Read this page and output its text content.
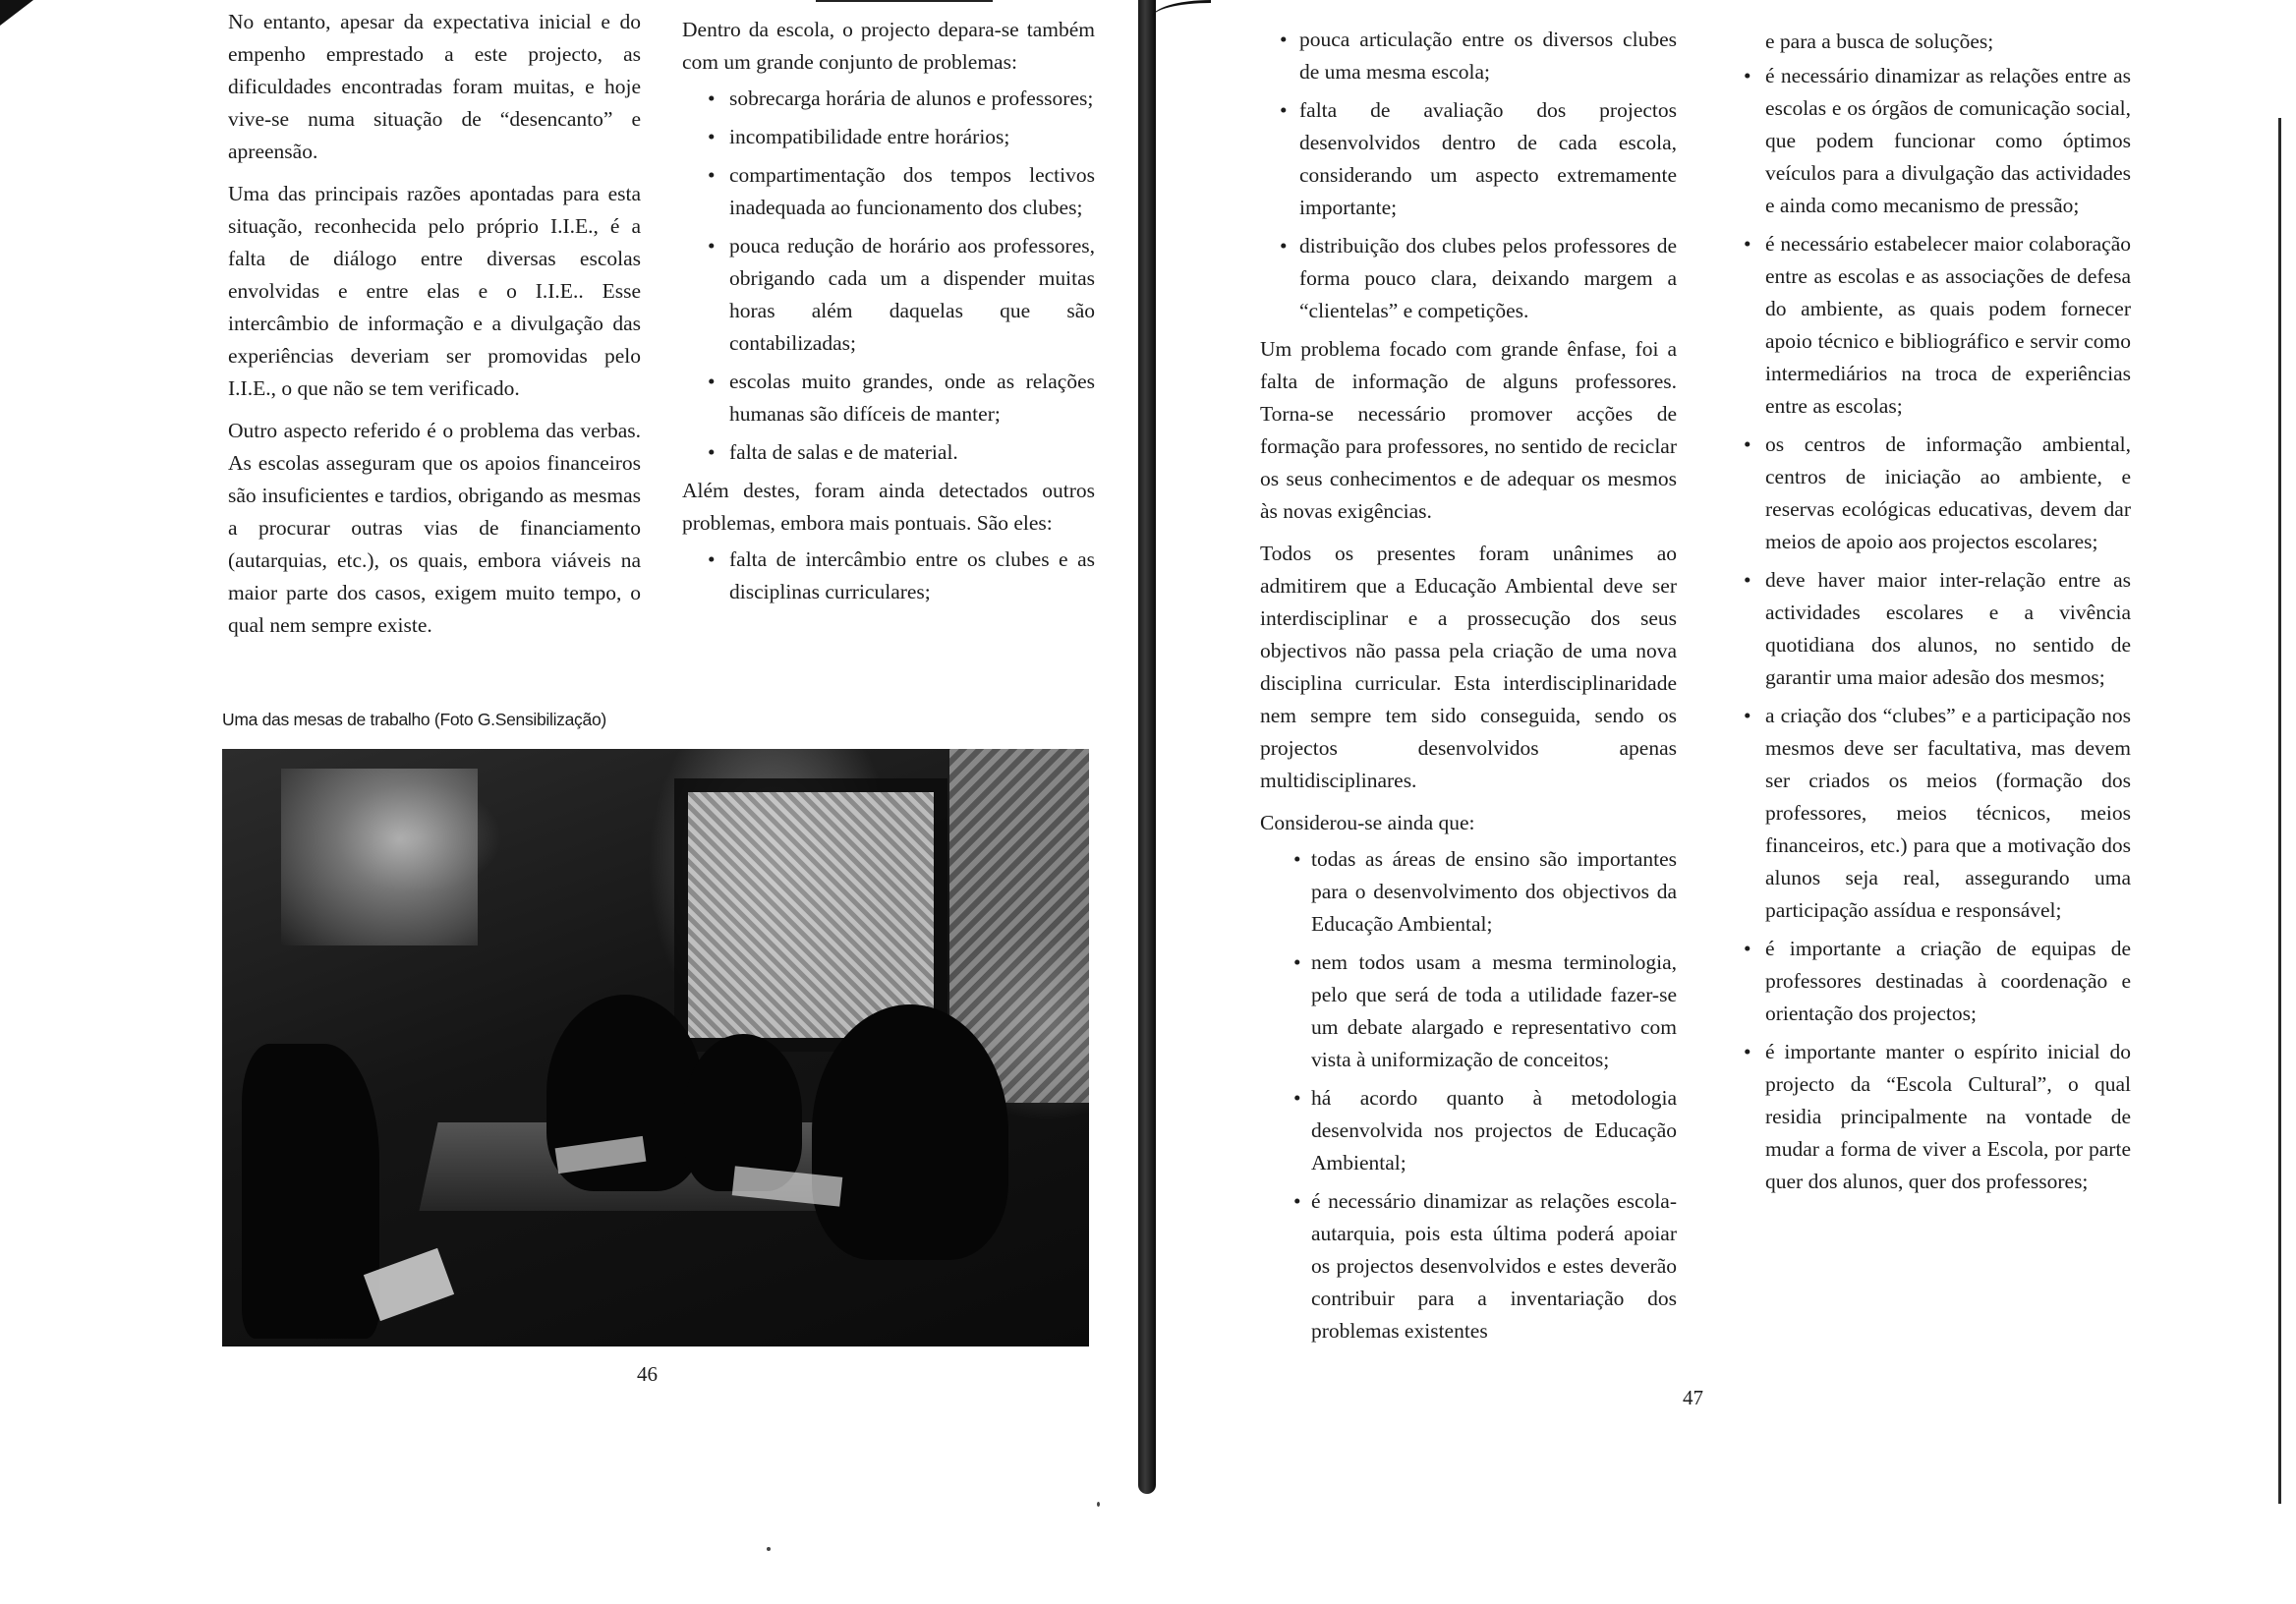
No entanto, apesar da expectativa inicial e do empenho emprestado a este projecto, as dificuldades encontradas foram muitas, e hoje vive-se numa situação de “desencanto” e apreensão.

Uma das principais razões apontadas para esta situação, reconhecida pelo próprio I.I.E., é a falta de diálogo entre diversas escolas envolvidas e entre elas e o I.I.E.. Esse intercâmbio de informação e a divulgação das experiências deveriam ser promovidas pelo I.I.E., o que não se tem verificado.

Outro aspecto referido é o problema das verbas. As escolas asseguram que os apoios financeiros são insuficientes e tardios, obrigando as mesmas a procurar outras vias de financiamento (autarquias, etc.), os quais, embora viáveis na maior parte dos casos, exigem muito tempo, o qual nem sempre existe.

Dentro da escola, o projecto depara-se também com um grande conjunto de problemas:

• sobrecarga horária de alunos e professores;
• incompatibilidade entre horários;
• compartimentação dos tempos lectivos inadequada ao funcionamento dos clubes;
• pouca redução de horário aos professores, obrigando cada um a dispender muitas horas além daquelas que são contabilizadas;
• escolas muito grandes, onde as relações humanas são difíceis de manter;
• falta de salas e de material.

Além destes, foram ainda detectados outros problemas, embora mais pontuais. São eles:

• falta de intercâmbio entre os clubes e as disciplinas curriculares;
Uma das mesas de trabalho (Foto G.Sensibilização)
46
• pouca articulação entre os diversos clubes de uma mesma escola;
• falta de avaliação dos projectos desenvolvidos dentro de cada escola, considerando um aspecto extremamente importante;
• distribuição dos clubes pelos professores de forma pouco clara, deixando margem a “clientelas” e competições.

Um problema focado com grande ênfase, foi a falta de informação de alguns professores. Torna-se necessário promover acções de formação para professores, no sentido de reciclar os seus conhecimentos e de adequar os mesmos às novas exigências.

Todos os presentes foram unânimes ao admitirem que a Educação Ambiental deve ser interdisciplinar e a prossecução dos seus objectivos não passa pela criação de uma nova disciplina curricular. Esta interdisciplinaridade nem sempre tem sido conseguida, sendo os projectos desenvolvidos apenas multidisciplinares.

Considerou-se ainda que:

• todas as áreas de ensino são importantes para o desenvolvimento dos objectivos da Educação Ambiental;
• nem todos usam a mesma terminologia, pelo que será de toda a utilidade fazer-se um debate alargado e representativo com vista à uniformização de conceitos;
• há acordo quanto à metodologia desenvolvida nos projectos de Educação Ambiental;
• é necessário dinamizar as relações escola-autarquia, pois esta última poderá apoiar os projectos desenvolvidos e estes deverão contribuir para a inventariação dos problemas existentes

e para a busca de soluções;

• é necessário dinamizar as relações entre as escolas e os órgãos de comunicação social, que podem funcionar como óptimos veículos para a divulgação das actividades e ainda como mecanismo de pressão;
• é necessário estabelecer maior colaboração entre as escolas e as associações de defesa do ambiente, as quais podem fornecer apoio técnico e bibliográfico e servir como intermediários na troca de experiências entre as escolas;
• os centros de informação ambiental, centros de iniciação ao ambiente, e reservas ecológicas educativas, devem dar meios de apoio aos projectos escolares;
• deve haver maior inter-relação entre as actividades escolares e a vivência quotidiana dos alunos, no sentido de garantir uma maior adesão dos mesmos;
• a criação dos “clubes” e a participação nos mesmos deve ser facultativa, mas devem ser criados os meios (formação dos professores, meios técnicos, meios financeiros, etc.) para que a motivação dos alunos seja real, assegurando uma participação assídua e responsável;
• é importante a criação de equipas de professores destinadas à coordenação e orientação dos projectos;
• é importante manter o espírito inicial do projecto da “Escola Cultural”, o qual residia principalmente na vontade de mudar a forma de viver a Escola, por parte quer dos alunos, quer dos professores;
47
